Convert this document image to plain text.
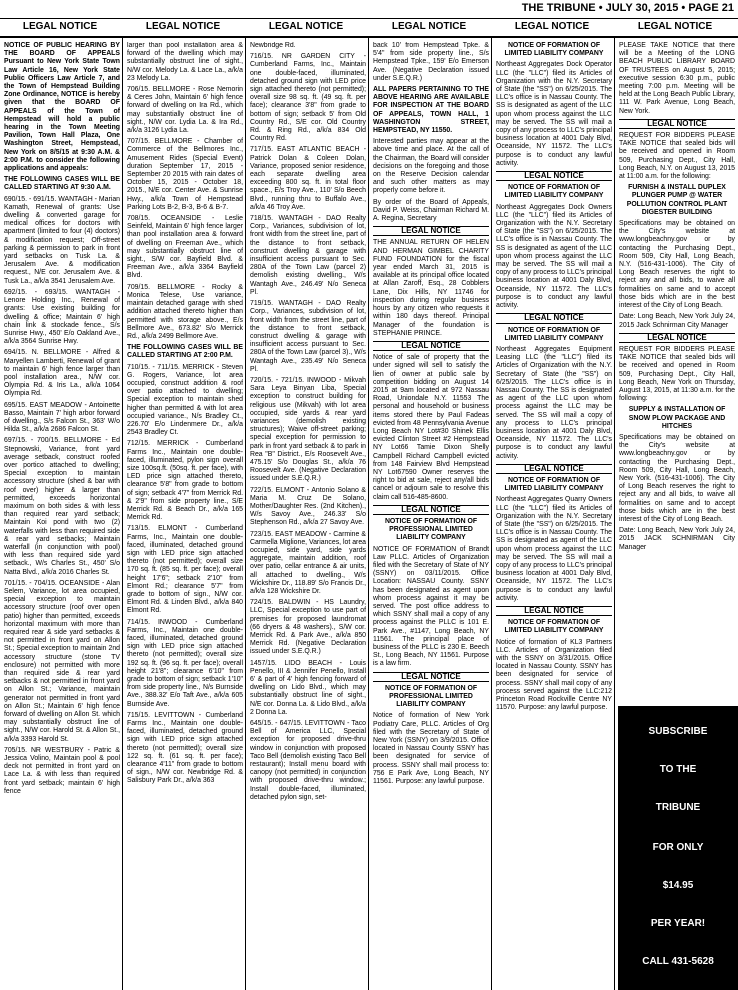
THE TRIBUNE • JULY 30, 2015 • PAGE 21
LEGAL NOTICE	LEGAL NOTICE	LEGAL NOTICE	LEGAL NOTICE	LEGAL NOTICE	LEGAL NOTICE

NOTICE OF PUBLIC HEARING BY THE BOARD OF APPEALS Pursuant to New York State Town Law Article 16, New York State Public Officers Law Article 7, and the Town of Hempstead Building Zone Ordinance, NOTICE is hereby given that the BOARD OF APPEALS of the Town of Hempstead will hold a public hearing in the Town Meeting Pavilion, Town Hall Plaza, One Washington Street, Hempstead, New York on 8/5/15 at 9:30 A.M. & 2:00 P.M. to consider the following applications and appeals:

THE FOLLOWING CASES WILL BE CALLED STARTING AT 9:30 A.M.

690/15. - 691/15. WANTAGH - Marian Kamath, Renewal of grants: Use dwelling & converted garage for medical offices for doctors with apartment (limited to four (4) doctors) & modification request; Off-street parking & permission to park in front yard setbacks on Tusk La. & Jerusalem Ave. & modification request., N/E cor. Jerusalem Ave. & Tusk La., a/k/a 3541 Jerusalem Ave.

692/15. - 693/15. WANTAGH - Lenore Holding Inc., Renewal of grants: Use existing building for dwelling & office; Maintain 6' high chain link & stockade fence., S/s Sunrise Hwy., 450' E/o Oakland Ave., a/k/a 3564 Sunrise Hwy.

694/15. N. BELLMORE - Alfred & Maryellen Lamberti, Renewal of grant to maintain 6' high fence larger than pool installation area., N/W cor. Olympia Rd. & Iris La., a/k/a 1064 Olympia Rd.

695/15. EAST MEADOW - Antoinette Basso, Maintain 7' high arbor forward of dwelling., S/s Falcon St., 363' W/o Hilda St., a/k/a 2686 Falcon St.

697/15. - 700/15. BELLMORE - Ed Stepnowski, Variance, front yard average setback, construct roofed over portico attached to dwelling; Special exception to maintain accessory structure (shed & bar with roof over) higher & larger than permitted, exceeds horizontal maximum on both sides & with less than required rear yard setback; Maintain Koi pond with two (2) waterfalls with less than required side & rear yard setbacks; Maintain waterfall (in conjunction with pool) with less than required side yard setback., W/s Charles St., 450' S/o Natta Blvd., a/k/a 2016 Charles St.

701/15. - 704/15. OCEANSIDE - Alan Selem, Variance, lot area occupied, special exception to maintain accessory structure (roof over open patio) higher than permitted, exceeds horizontal maximum with more than required rear & side yard setbacks & not permitted in front yard on Allon St.; Special exception to maintain 2nd accessory structure (stone TV enclosure) not permitted with more than required side & rear yard setbacks & not permitted in front yard on Allon St.; Variance, maintain generator not permitted in front yard on Allon St.; Maintain 6' high fence forward of dwelling on Allon St. which may substantially obstruct line of sight., N/W cor. Harold St. & Allon St., a/k/a 3393 Harold St.

705/15. NR WESTBURY - Patric & Jessica Volino, Maintain pool & pool deck not permitted in front yard on Lace La. & with less than required front yard setback; maintain 6' high fence

larger than pool installation area & forward of the dwelling which may substantially obstruct line of sight., N/W cor. Melody La. & Lace La., a/k/a 23 Melody La.

706/15. BELLMORE - Rose Nemorin & Ceres John, Maintain 6' high fence forward of dwelling on Ira Rd., which may substantially obstruct line of sight., N/W cor. Lydia La. & Ira Rd., a/k/a 3126 Lydia La.

707/15. BELLMORE - Chamber of Commerce of the Bellmores Inc., Amusement Rides (Special Event) duration September 17, 2015 - September 20 2015 with rain dates of October 15, 2015 - October 18, 2015., N/E cor. Center Ave. & Sunrise Hwy., a/k/a Town of Hempstead Parking Lots B-2, B-3, B-6 & B-7.

708/15. OCEANSIDE - Leslie Seinfeld, Maintain 6' high fence larger than pool installation area & forward of dwelling on Freeman Ave., which may substantially obstruct line of sight., S/W cor. Bayfield Blvd. & Freeman Ave., a/k/a 3364 Bayfield Blvd.

709/15. BELLMORE - Rocky & Monica Telese, Use variance, maintain detached garage with shed addition attached thereto higher than permitted with storage above., E/s Bellmore Ave., 673.82' S/o Merrick Rd., a/k/a 2499 Bellmore Ave.

THE FOLLOWING CASES WILL BE CALLED STARTING AT 2:00 P.M.

710/15. - 711/15. MERRICK - Steven G. Rogers, Variance, lot area occupied, construct addition & roof over patio attached to dwelling; Special exception to maintain shed higher than permitted & with lot area occupied variance., N/s Bradley Ct., 226.70' E/o Lindenmere Dr., a/k/a 2543 Bradley Ct.

712/15. MERRICK - Cumberland Farms Inc., Maintain one double-faced, illuminated, pylon sign overall size 100sq.ft. (50sq. ft. per face), with LED price sign attached thereto, clearance 5'8" from grade to bottom of sign; setback 4'7" from Merrick Rd. & 2'9" from side property line., S/E Merrick Rd. & Beach Dr., a/k/a 165 Merrick Rd.

713/15. ELMONT - Cumberland Farms, Inc., Maintain one double-faced, illuminated, detached ground sign with LED price sign attached thereto (not permitted); overall size 170 sq. ft. (85 sq. ft. per face); overall height 17'6"; setback 2'10" from Elmont Rd.; clearance 5'7" from grade to bottom of sign., N/W cor. Elmont Rd. & Linden Blvd., a/k/a 840 Elmont Rd.

714/15. INWOOD - Cumberland Farms, Inc., Maintain one double-faced, illuminated, detached ground sign with LED price sign attached thereto (not permitted); overall size 192 sq. ft. (96 sq. ft. per face); overall height 21'8"; clearance 6'10" from grade to bottom of sign; setback 1'10" from side property line., N/s Burnside Ave., 388.32' E/o Taft Ave., a/k/a 605 Burnside Ave.

715/15. LEVITTOWN - Cumberland Farms Inc., Maintain one double-faced, illuminated, detached ground sign with LED price sign attached thereto (not permitted); overall size 122 sq. ft. (61 sq. ft. per face); clearance 4'11" from grade to bottom of sign., N/W cor. Newbridge Rd. & Salisbury Park Dr., a/k/a 363

Newbridge Rd.

716/15. NR GARDEN CITY - Cumberland Farms, Inc., Maintain one double-faced, illuminated, detached ground sign with LED price sign attached thereto (not permitted); overall size 98 sq. ft. (49 sq. ft. per face); clearance 3'8" from grade to bottom of sign; setback 5' from Old Country Rd., S/E cor. Old Country Rd. & Ring Rd., a/k/a 834 Old Country Rd.

717/15. EAST ATLANTIC BEACH - Patrick Dolan & Coleen Dolan, Variance, proposed senior residence, each separate dwelling area exceeding 800 sq. ft. in total floor space., E/s Troy Ave., 110' S/o Beech Blvd., running thru to Buffalo Ave., a/k/a 46 Troy Ave.

718/15. WANTAGH - DAO Realty Corp., Variances, subdivision of lot, front width from the street line, part of the distance to front setback, construct dwelling & garage with insufficient access pursuant to Sec. 280A of the Town Law (parcel 2) demolish existing dwelling., W/s Wantagh Ave., 246.49' N/o Seneca Pl.

719/15. WANTAGH - DAO Realty Corp., Variances, subdivision of lot, front width from the street line, part of the distance to front setback, construct dwelling & garage with insufficient access pursuant to Sec. 280A of the Town Law (parcel 3)., W/s Wantagh Ave., 235.49' N/o Seneca Pl.

720/15. - 721/15. INWOOD - Mikvah Sara Leya Binyan Liba, Special exception to construct building for religious use (Mikvah) with lot area occupied, side yards & rear yard variances (demolish existing structures); Waive off-street parking; special exception for permission to park in front yard setback & to park in Rea "B" District., E/s Roosevelt Ave., 475.15' S/o Douglas St., a/k/a 76 Roosevelt Ave. (Negative Declaration issued under S.E.Q.R.)

722/15. ELMONT - Antonio Solano & Maria M. Cruz De Solano, Mother/Daughter Res. (2nd Kitchen)., W/s Savoy Ave., 246.33' S/o Stephenson Rd., a/k/a 27 Savoy Ave.

723/15. EAST MEADOW - Carmine & Carmella Miglione, Variances, lot area occupied, side yard, side yards aggregate, maintain addition, roof over patio, cellar entrance & air units, all attached to dwelling., W/s Wickshire Dr., 118.89' S/o Francis Dr., a/k/a 128 Wickshire Dr.

724/15. BALDWIN - HS Laundry, LLC, Special exception to use part of premises for proposed laundromat (66 dryers & 48 washers)., S/W cor. Merrick Rd. & Park Ave., a/k/a 850 Merrick Rd. (Negative Declaration issued under S.E.Q.R.)

1457/15. LIDO BEACH - Louis Penello, III & Jennifer Penello, Install 6' & part of 4' high fencing forward of dwelling on Lido Blvd., which may substantially obstruct line of sight., N/E cor. Donna La. & Lido Blvd., a/k/a 2 Donna La.

645/15. - 647/15. LEVITTOWN - Taco Bell of America LLC, Special exception for proposed drive-thru window in conjunction with proposed Taco Bell (demolish existing Taco Bell restaurant); Install menu board with canopy (not permitted) in conjunction with proposed drive-thru window.; Install double-faced, illuminated, detached pylon sign, set-

back 10' from Hempstead Tpke. & 5'4" from side property line., S/s Hempstead Tpke., 159' E/o Emerson Ave. (Negative Declaration issued under S.E.Q.R.)

ALL PAPERS PERTAINING TO THE ABOVE HEARING ARE AVAILABLE FOR INSPECTION AT THE BOARD OF APPEALS, TOWN HALL, 1 WASHINGTON STREET, HEMPSTEAD, NY 11550.

Interested parties may appear at the above time and place. At the call of the Chairman, the Board will consider decisions on the foregoing and those on the Reserve Decision calendar and such other matters as may properly come before it.

By order of the Board of Appeals, David P. Weiss, Chairman Richard M. A. Regina, Secretary

LEGAL NOTICE

THE ANNUAL RETURN OF HELEN AND HERMAN GIMBEL CHARITY FUND FOUNDATION for the fiscal year ended March 31, 2015 is available at its principal office located at Allan Zaroff, Esq., 28 Cobblers Lane, Dix Hills, NY 11746 for inspection during regular business hours by any citizen who requests it within 180 days thereof. Principal Manager of the foundation is STEPHANIE PRINCE.

LEGAL NOTICE

Notice of sale of property that the under signed will sell to satisfy the lien of owner at public sale by competition bidding on August 14 2015 at 9am located at 972 Nassau Road, Uniondale N.Y. 11553 The personal and household or business items stored there by Paul Fadeas evicted from 48 Pennsylvania Avenue Long Beach NY Lot#30 Shinek Ellis evicted Clinton Street #2 Hempstead NY Lot66 Tamie Dixon Shelly Campbell Richard Campbell evicted from 148 Fairview Blvd Hempstead NY Lot67590 Owner reserves the right to bid at sale, reject any/all bids cancel or adjourn sale to resolve this claim call 516-485-8600.

LEGAL NOTICE

NOTICE OF FORMATION OF PROFESSIONAL LIMITED LIABILITY COMPANY

NOTICE OF FORMATION of Brandt Law PLLC. Articles of Organization filed with the Secretary of State of NY (SSNY) on 03/11/2015. Office Location: NASSAU County. SSNY has been designated as agent upon whom process against it may be served. The post office address to which SSNY shall mail a copy of any process against the PLLC is 101 E. Park Ave., #1147, Long Beach, NY 11561. The principal place of business of the PLLC is 230 E. Beech St., Long Beach, NY 11561. Purpose is a law firm.

LEGAL NOTICE

NOTICE OF FORMATION OF PROFESSIONAL LIMITED LIABILITY COMPANY

Notice of formation of New York Podiatry Care, PLLC. Articles of Org filed with the Secretary of State of New York (SSNY) on 3/9/2015. Office located in Nassau County SSNY has been designated for service of process. SSNY shall mail process to: 756 E Park Ave, Long Beach, NY 11561. Purpose: any lawful purpose.

NOTICE OF FORMATION OF LIMITED LIABILITY COMPANY

Northeast Aggregates Dock Operator LLC (the "LLC") filed its Articles of Organization with the N.Y. Secretary of State (the "SS") on 6/25/2015. The LLC's office is in Nassau County. The SS is designated as agent of the LLC upon whom process against the LLC may be served. The SS will mail a copy of any process to LLC's principal business location at 4001 Daly Blvd, Oceanside, NY 11572. The LLC's purpose is to conduct any lawful activity.

LEGAL NOTICE

NOTICE OF FORMATION OF LIMITED LIABILITY COMPANY

Northeast Aggregates Dock Owners LLC (the "LLC") filed its Articles of Organization with the N.Y. Secretary of State (the "SS") on 6/25/2015. The LLC's office is in Nassau County. The SS is designated as agent of the LLC upon whom process against the LLC may be served. The SS will mail a copy of any process to LLC's principal business location at 4001 Daly Blvd, Oceanside, NY 11572. The LLC's purpose is to conduct any lawful activity.

LEGAL NOTICE

NOTICE OF FORMATION OF LIMITED LIABILITY COMPANY

Northeast Aggregates Equipment Leasing LLC (the "LLC") filed its Articles of Organization with the N.Y. Secretary of State (the "SS") on 6/25/2015. The LLC's office is in Nassau County. The SS is designated as agent of the LLC upon whom process against the LLC may be served. The SS will mail a copy of any process to LLC's principal business location at 4001 Daly Blvd, Oceanside, NY 11572. The LLC's purpose is to conduct any lawful activity.

LEGAL NOTICE

NOTICE OF FORMATION OF LIMITED LIABILITY COMPANY

Northeast Aggregates Quarry Owners LLC (the "LLC") filed its Articles of Organization with the N.Y. Secretary of State (the "SS") on 6/25/2015. The LLC's office is in Nassau County. The SS is designated as agent of the LLC upon whom process against the LLC may be served. The SS will mail a copy of any process to LLC's principal business location at 4001 Daly Blvd, Oceanside, NY 11572. The LLC's purpose is to conduct any lawful activity.

LEGAL NOTICE

NOTICE OF FORMATION OF LIMITED LIABILITY COMPANY

Notice of formation of KL3 Partners LLC. Articles of Organization filed with the SSNY on 3/31/2015. Office located in Nassau County. SSNY has been designated for service of process. SSNY shall mail copy of any process served against the LLC:212 Princeton Road Rockville Centre NY 11570. Purpose: any lawful purpose.

PLEASE TAKE NOTICE that there will be a Meeting of the LONG BEACH PUBLIC LIBRARY BOARD OF TRUSTEES on August 5, 2015; executive session 6:30 p.m., public meeting 7:00 p.m. Meeting will be held at the Long Beach Public Library, 111 W. Park Avenue, Long Beach, New York.

LEGAL NOTICE

REQUEST FOR BIDDERS PLEASE TAKE NOTICE that sealed bids will be received and opened in Room 509, Purchasing Dept., City Hall, Long Beach, N.Y. on August 13, 2015 at 11:00 a.m. for the following:

FURNISH & INSTALL DUPLEX PLUNGER PUMP @ WATER POLLUTION CONTROL PLANT DIGESTER BUILDING

Specifications may be obtained on the City's website at www.longbeachny.gov or by contacting the Purchasing Dept., Room 509, City Hall, Long Beach, N.Y. (516-431-1006). The City of Long Beach reserves the right to reject any and all bids, to waive all formalities on same and to accept those bids which are in the best interest of the City of Long Beach.

Date: Long Beach, New York July 24, 2015 Jack Schnirman City Manager

LEGAL NOTICE

REQUEST FOR BIDDERS PLEASE TAKE NOTICE that sealed bids will be received and opened in Room 509, Purchasing Dept., City Hall, Long Beach, New York on Thursday, August 13, 2015, at 11:30 a.m. for the following:

SUPPLY & INSTALLATION OF SNOW PLOW PACKAGE AND HITCHES

Specifications may be obtained on the City's website at www.longbeachny.gov or by contacting the Purchasing Dept., Room 509, City Hall, Long Beach, New York. (516-431-1006). The City of Long Beach reserves the right to reject any and all bids, to waive all formalities on same and to accept those bids which are in the best interest of the City of Long Beach.

Date: Long Beach, New York July 24, 2015 JACK SCHNIRMAN City Manager

SUBSCRIBE
TO THE
TRIBUNE
FOR ONLY
$14.95
PER YEAR!
CALL 431-5628
